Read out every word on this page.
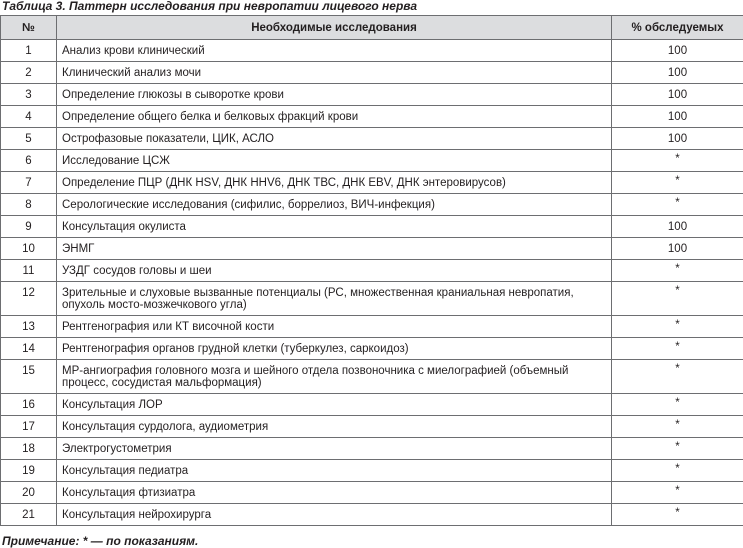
Таблица 3. Паттерн исследования при невропатии лицевого нерва
№	Необходимые исследования	% обследуемых
1	Анализ крови клинический	100
2	Клинический анализ мочи	100
3	Определение глюкозы в сыворотке крови	100
4	Определение общего белка и белковых фракций крови	100
5	Острофазовые показатели, ЦИК, АСЛО	100
6	Исследование ЦСЖ	*
7	Определение ПЦР (ДНК HSV, ДНК HHV6, ДНК ТВС, ДНК EBV, ДНК энтеровирусов)	*
8	Серологические исследования (сифилис, боррелиоз, ВИЧ-инфекция)	*
9	Консультация окулиста	100
10	ЭНМГ	100
11	УЗДГ сосудов головы и шеи	*
12	Зрительные и слуховые вызванные потенциалы (РС, множественная краниальная невропатия, опухоль мосто-мозжечкового угла)	*
13	Рентгенография или КТ височной кости	*
14	Рентгенография органов грудной клетки (туберкулез, саркоидоз)	*
15	МР-ангиография головного мозга и шейного отдела позвоночника с миелографией (объемный процесс, сосудистая мальформация)	*
16	Консультация ЛОР	*
17	Консультация сурдолога, аудиометрия	*
18	Электрогустометрия	*
19	Консультация педиатра	*
20	Консультация фтизиатра	*
21	Консультация нейрохирурга	*
Примечание: * — по показаниям.
